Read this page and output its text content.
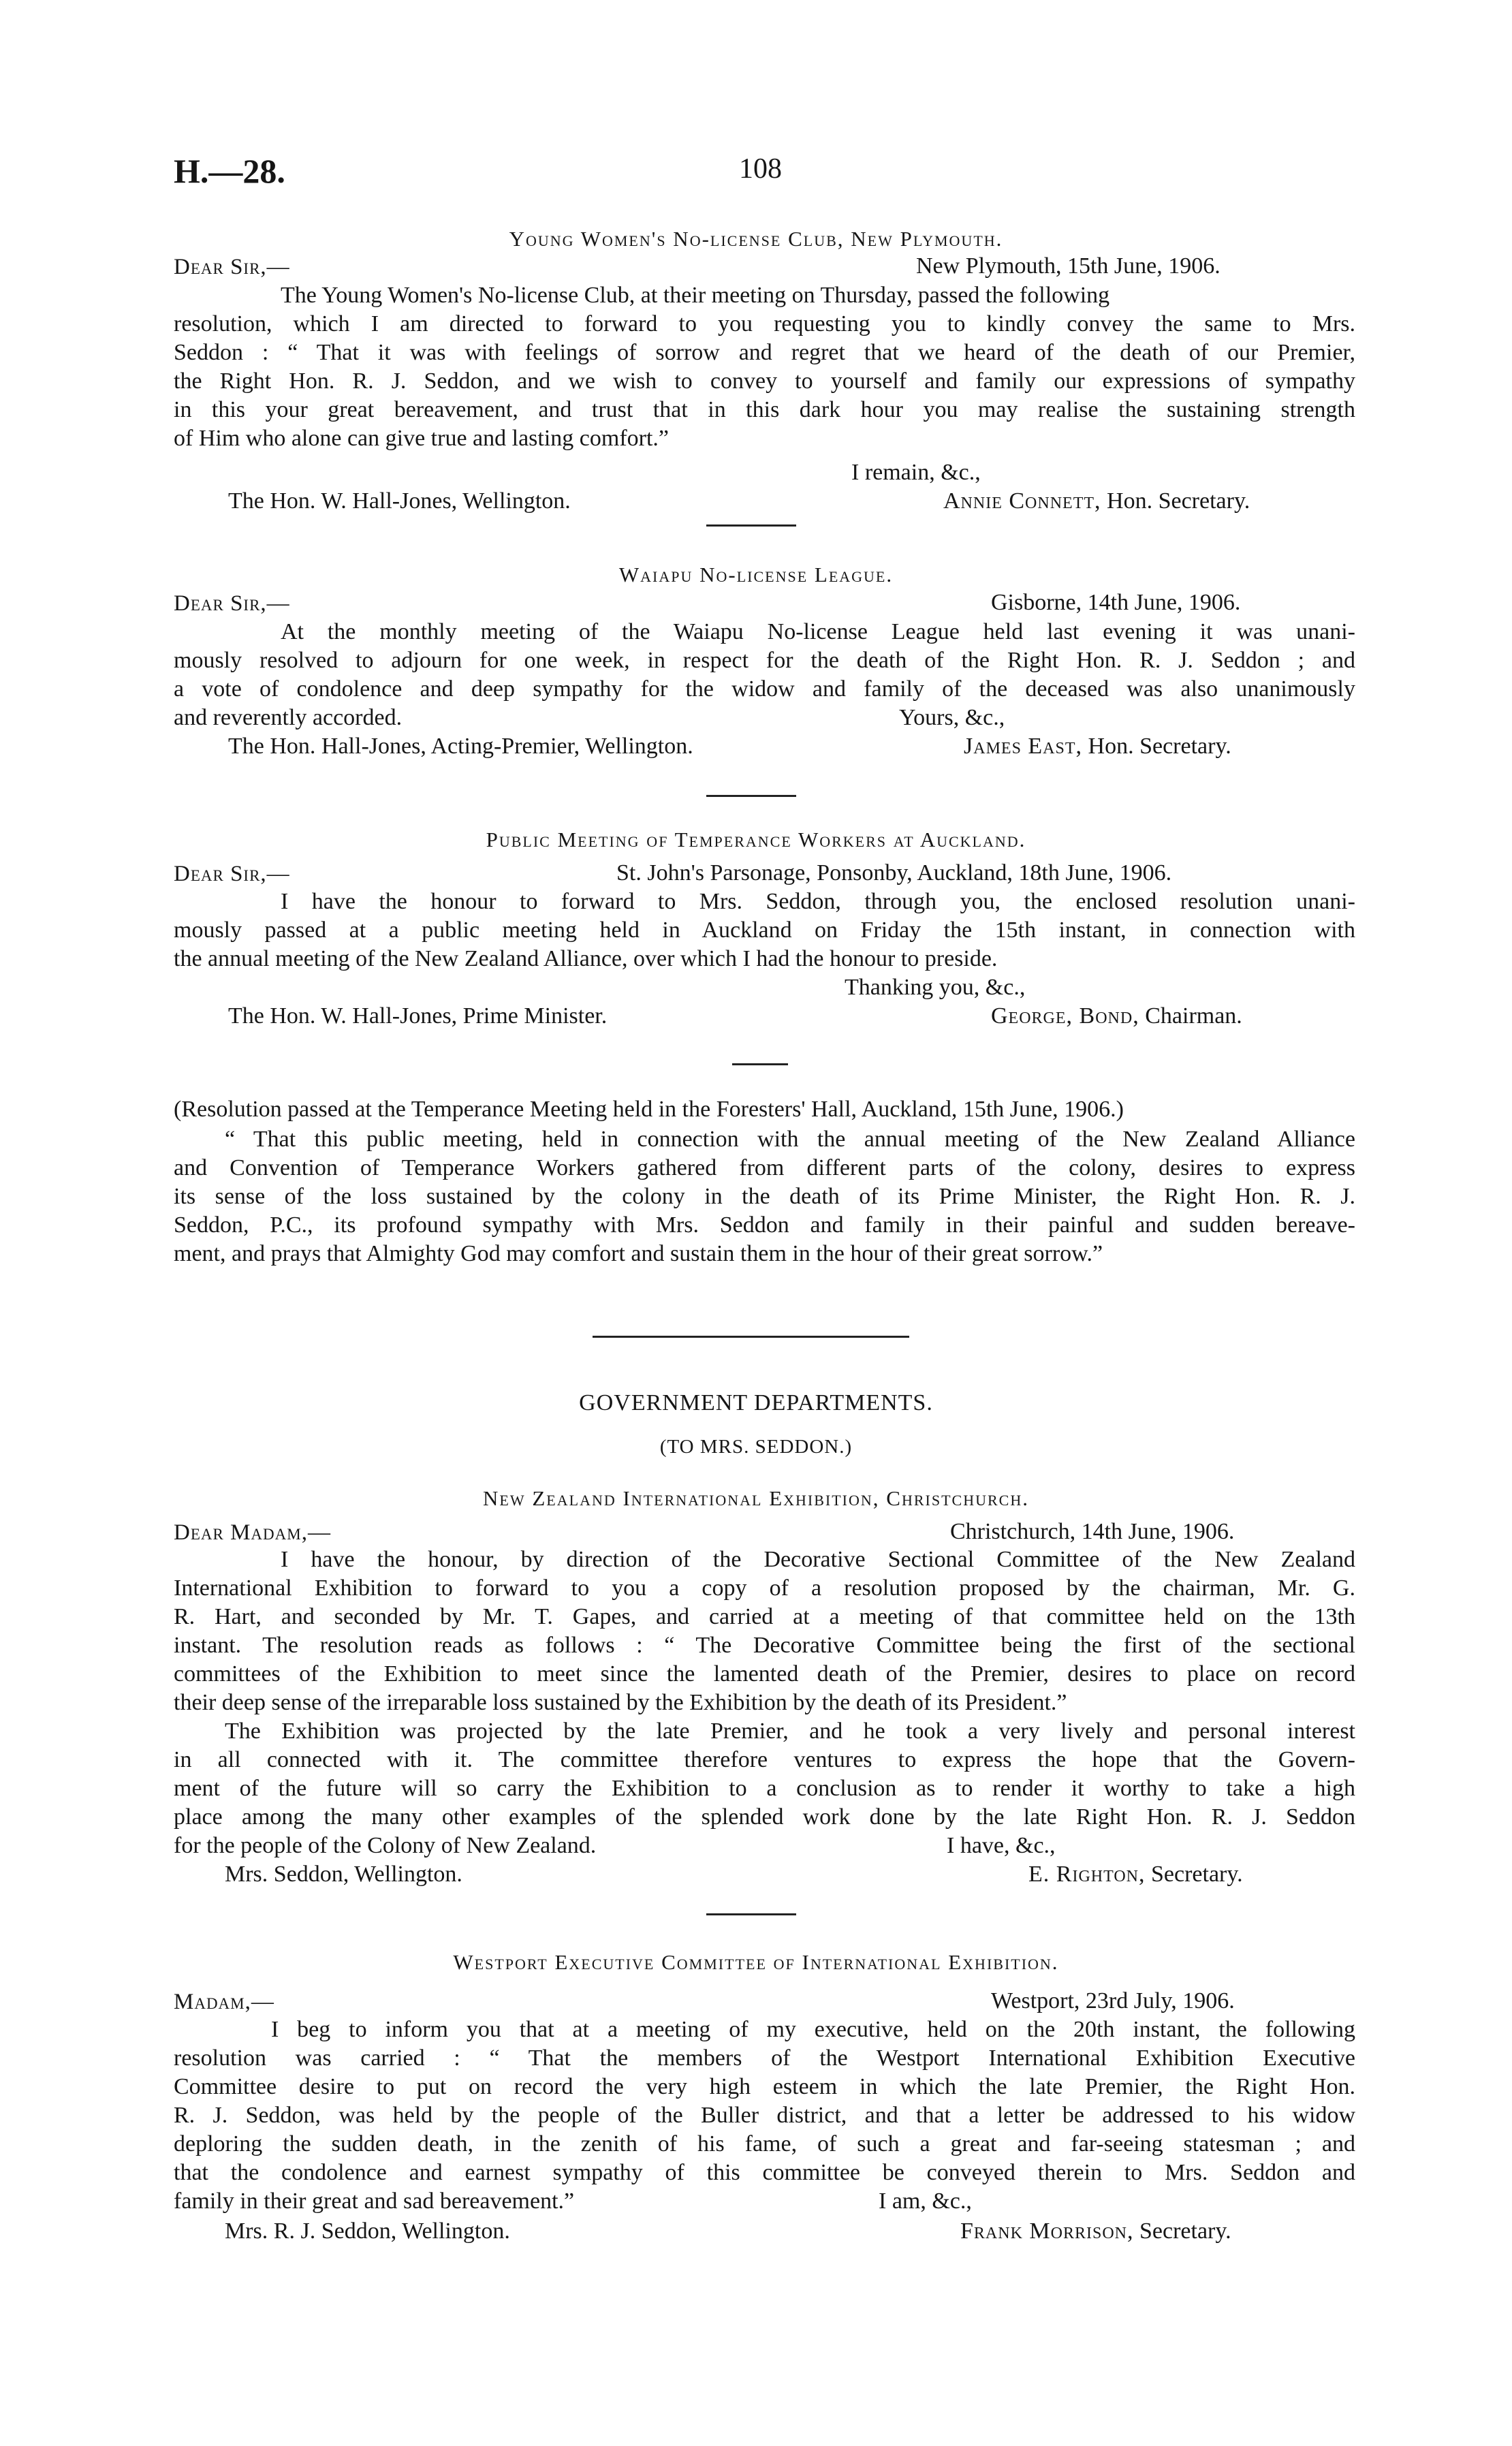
H.—28.	108
Young Women's No-license Club, New Plymouth.
Dear Sir,—	New Plymouth, 15th June, 1906.
The Young Women's No-license Club, at their meeting on Thursday, passed the following
resolution, which I am directed to forward to you requesting you to kindly convey the same to Mrs.
Seddon : “ That it was with feelings of sorrow and regret that we heard of the death of our Premier,
the Right Hon. R. J. Seddon, and we wish to convey to yourself and family our expressions of sympathy
in this your great bereavement, and trust that in this dark hour you may realise the sustaining strength
of Him who alone can give true and lasting comfort.”
I remain, &c.,
The Hon. W. Hall-Jones, Wellington.	Annie Connett, Hon. Secretary.
Waiapu No-license League.
Dear Sir,—	Gisborne, 14th June, 1906.
At the monthly meeting of the Waiapu No-license League held last evening it was unani-
mously resolved to adjourn for one week, in respect for the death of the Right Hon. R. J. Seddon ; and
a vote of condolence and deep sympathy for the widow and family of the deceased was also unanimously
and reverently accorded.	Yours, &c.,
The Hon. Hall-Jones, Acting-Premier, Wellington.	James East, Hon. Secretary.
Public Meeting of Temperance Workers at Auckland.
Dear Sir,—	St. John's Parsonage, Ponsonby, Auckland, 18th June, 1906.
I have the honour to forward to Mrs. Seddon, through you, the enclosed resolution unani-
mously passed at a public meeting held in Auckland on Friday the 15th instant, in connection with
the annual meeting of the New Zealand Alliance, over which I had the honour to preside.
Thanking you, &c.,
The Hon. W. Hall-Jones, Prime Minister.	George, Bond, Chairman.
(Resolution passed at the Temperance Meeting held in the Foresters' Hall, Auckland, 15th June, 1906.)
“ That this public meeting, held in connection with the annual meeting of the New Zealand Alliance
and Convention of Temperance Workers gathered from different parts of the colony, desires to express
its sense of the loss sustained by the colony in the death of its Prime Minister, the Right Hon. R. J.
Seddon, P.C., its profound sympathy with Mrs. Seddon and family in their painful and sudden bereave-
ment, and prays that Almighty God may comfort and sustain them in the hour of their great sorrow.”
GOVERNMENT DEPARTMENTS.
(TO MRS. SEDDON.)
New Zealand International Exhibition, Christchurch.
Dear Madam,—	Christchurch, 14th June, 1906.
I have the honour, by direction of the Decorative Sectional Committee of the New Zealand
International Exhibition to forward to you a copy of a resolution proposed by the chairman, Mr. G.
R. Hart, and seconded by Mr. T. Gapes, and carried at a meeting of that committee held on the 13th
instant. The resolution reads as follows : “ The Decorative Committee being the first of the sectional
committees of the Exhibition to meet since the lamented death of the Premier, desires to place on record
their deep sense of the irreparable loss sustained by the Exhibition by the death of its President.”
The Exhibition was projected by the late Premier, and he took a very lively and personal interest
in all connected with it. The committee therefore ventures to express the hope that the Govern-
ment of the future will so carry the Exhibition to a conclusion as to render it worthy to take a high
place among the many other examples of the splended work done by the late Right Hon. R. J. Seddon
for the people of the Colony of New Zealand.	I have, &c.,
Mrs. Seddon, Wellington.	E. Righton, Secretary.
Westport Executive Committee of International Exhibition.
Madam,—	Westport, 23rd July, 1906.
I beg to inform you that at a meeting of my executive, held on the 20th instant, the following
resolution was carried : “ That the members of the Westport International Exhibition Executive
Committee desire to put on record the very high esteem in which the late Premier, the Right Hon.
R. J. Seddon, was held by the people of the Buller district, and that a letter be addressed to his widow
deploring the sudden death, in the zenith of his fame, of such a great and far-seeing statesman ; and
that the condolence and earnest sympathy of this committee be conveyed therein to Mrs. Seddon and
family in their great and sad bereavement.”	I am, &c.,
Mrs. R. J. Seddon, Wellington.	Frank Morrison, Secretary.
